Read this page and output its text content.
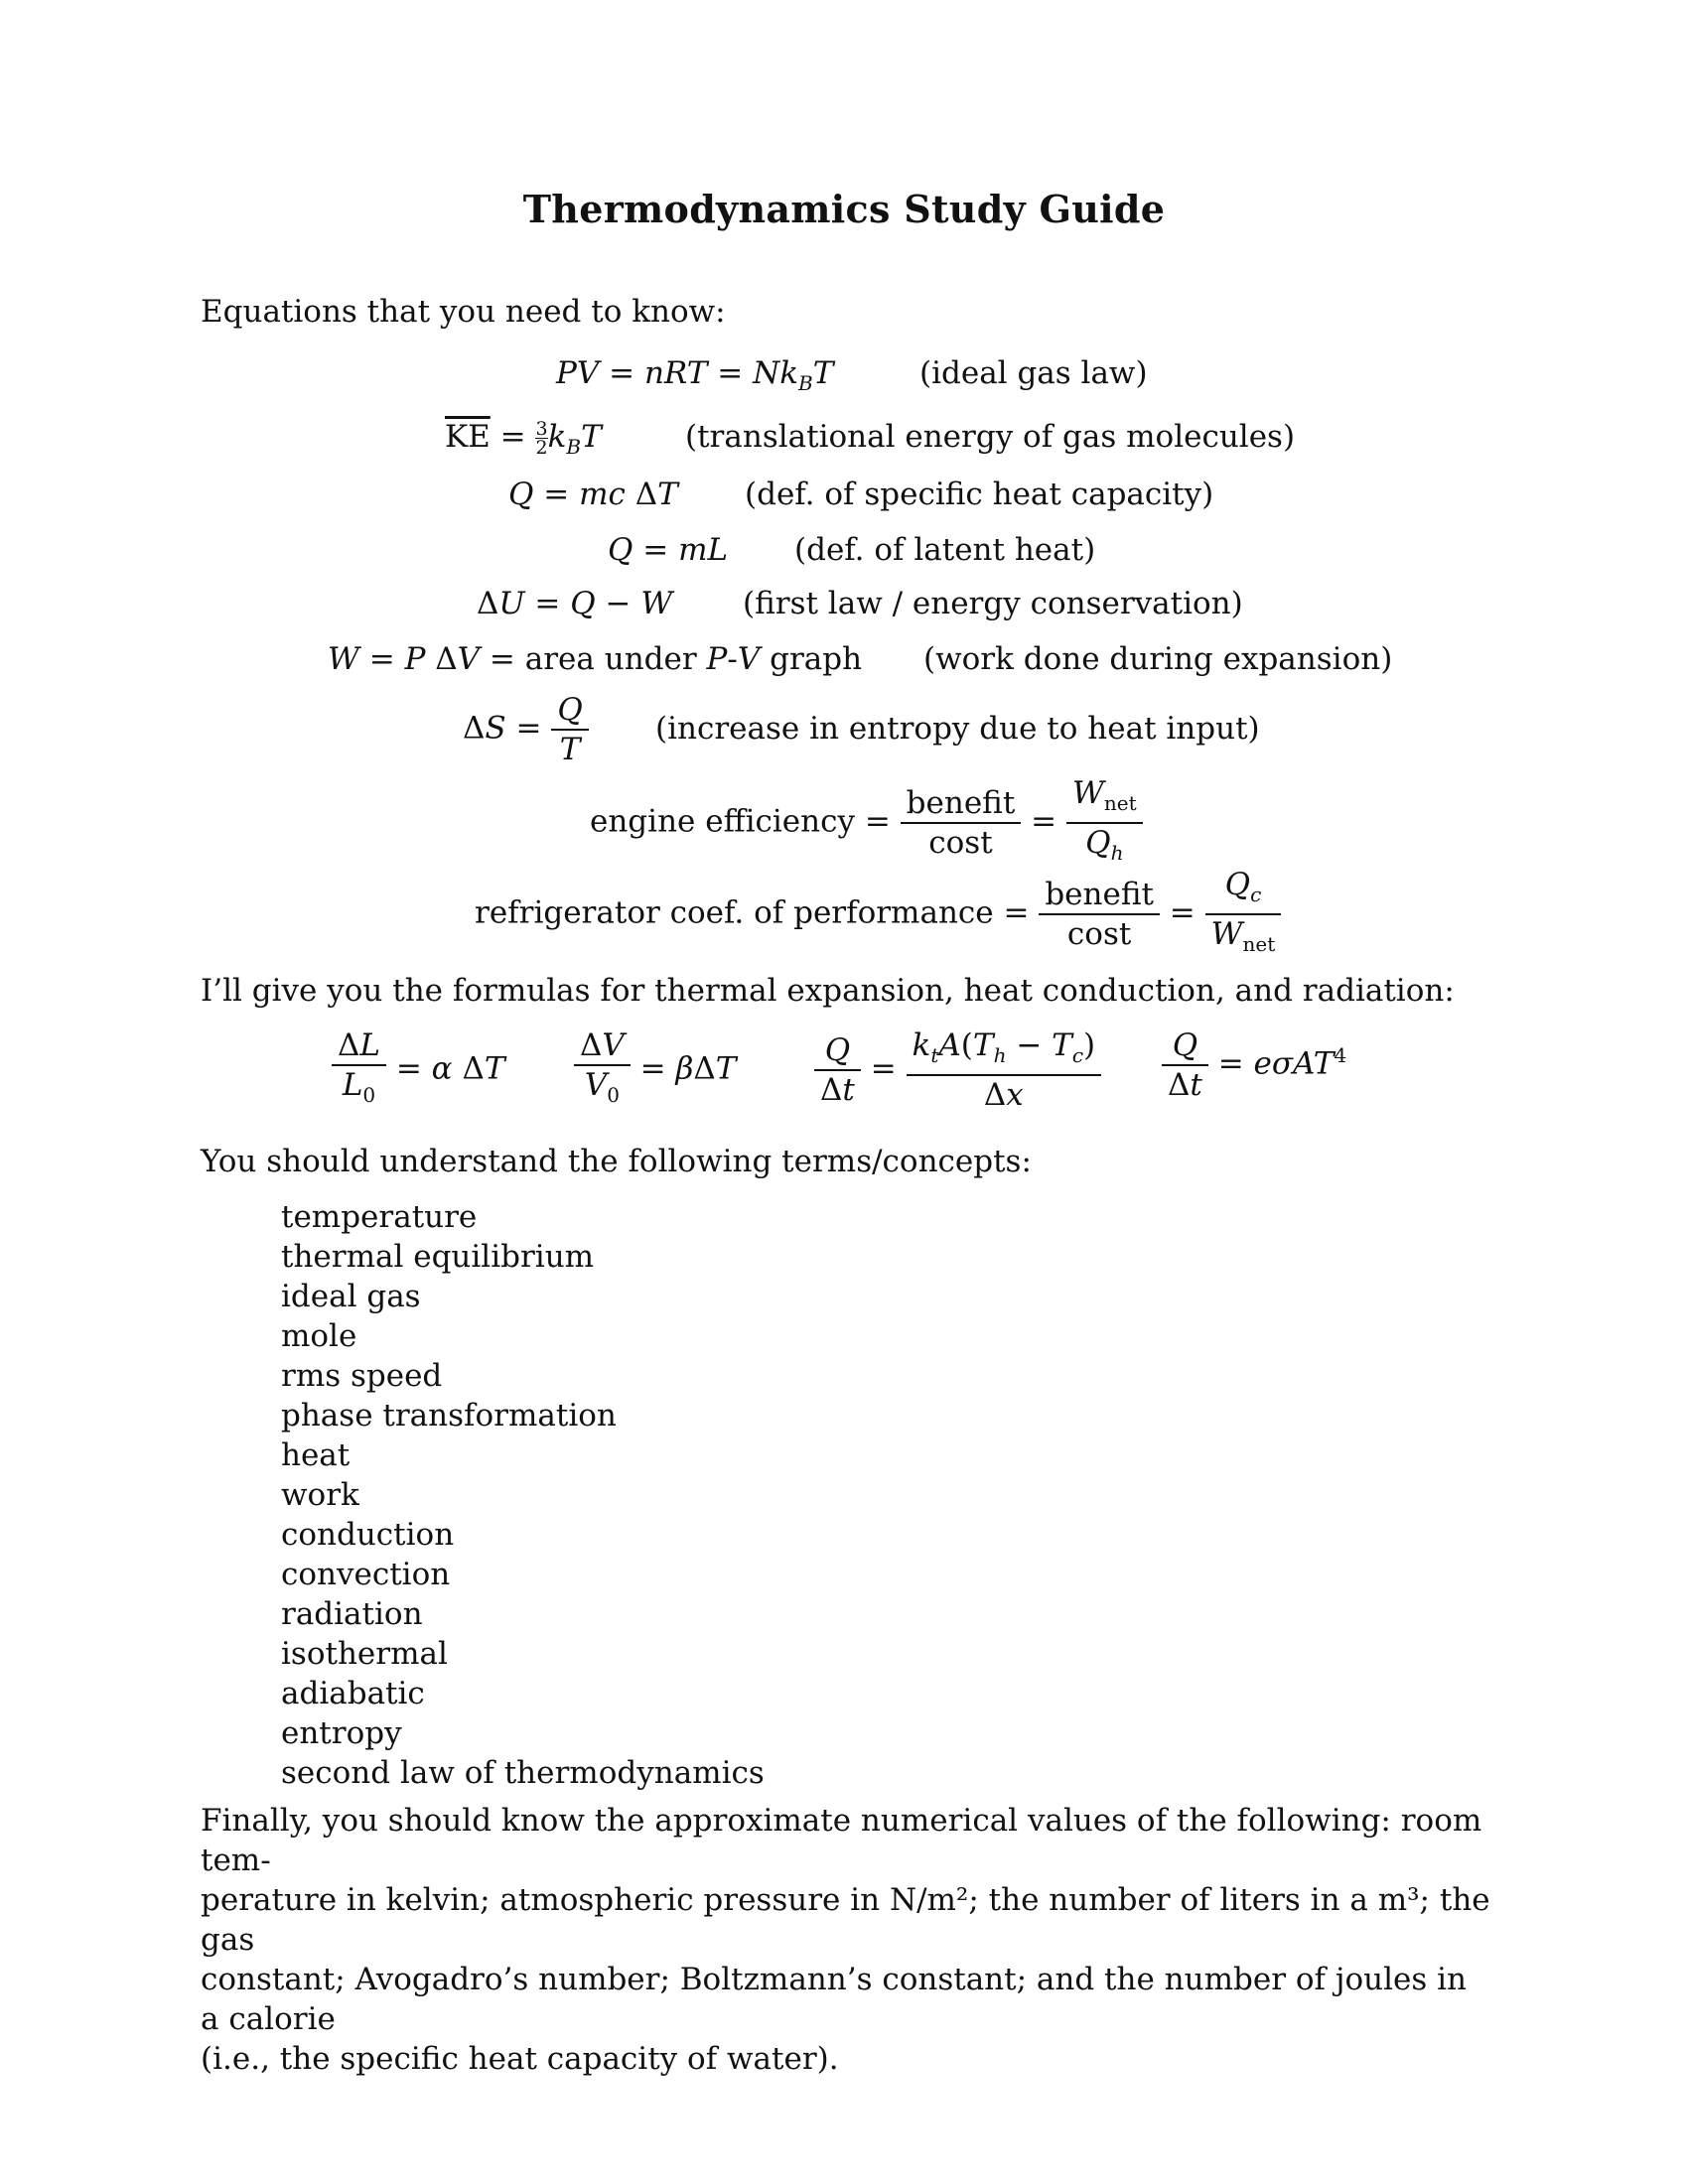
Thermodynamics Study Guide
Equations that you need to know:
PV = nRT = $Nk_BT$	(ideal gas law)
$\overline{KE} = \frac{3}{2} k_BT$	(translational energy of gas molecules)
Q = mc ΔT (def. of specific heat capacity)
Q = mL (def. of latent heat)
ΔU = Q − W (first law / energy conservation)
W = P ΔV = area under P-V graph (work done during expansion)
$\Delta S = \frac{Q}{T}$ (increase in entropy due to heat input)
engine efficiency = $\frac{\text{benefit}}{\cos t} = \frac{W_{net}}{Q_h}$
refrigerator coef. of performance = $\frac{\text{benefit}}{\cos t} = \frac{Q_c}{W_{net}}$
I’ll give you the formulas for thermal expansion, heat conduction, and radiation:
$\frac{\Delta L}{L_0} = \alpha$ ΔT $\frac{\Delta V}{V_0} = \beta\Delta T$	$\frac{Q}{\Delta t} = \frac{k_tA(T_h - T_c)}{\Delta x} \frac{Q}{\Delta t} = e\sigma AT^4$
You should understand the following terms/concepts:
temperature
thermal equilibrium
ideal gas
mole
rms speed
phase transformation
heat
work
conduction
convection
radiation
isothermal
adiabatic
entropy
second law of thermodynamics
Finally, you should know the approximate numerical values of the following: room tem-
perature in kelvin; atmospheric pressure in N/m²; the number of liters in a m³; the gas
constant; Avogadro’s number; Boltzmann’s constant; and the number of joules in a calorie
(i.e., the specific heat capacity of water).
